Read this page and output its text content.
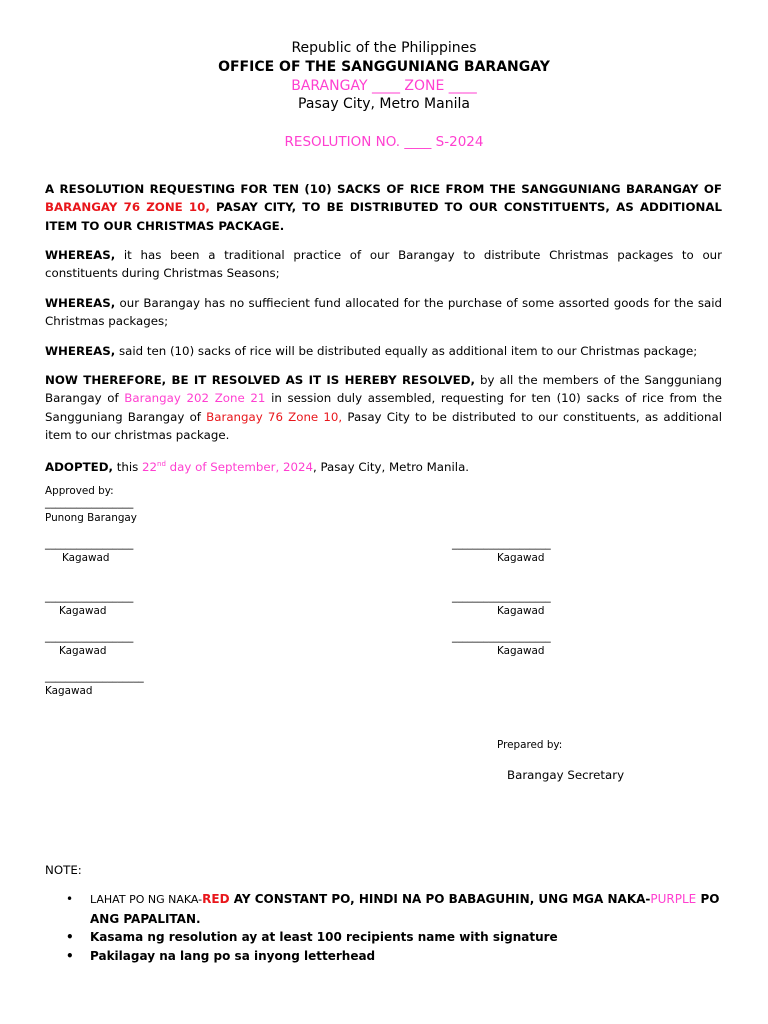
Republic of the Philippines
OFFICE OF THE SANGGUNIANG BARANGAY
BARANGAY ____ ZONE ____
Pasay City, Metro Manila
RESOLUTION NO. ____ S-2024
A RESOLUTION REQUESTING FOR TEN (10) SACKS OF RICE FROM THE SANGGUNIANG BARANGAY OF BARANGAY 76 ZONE 10, PASAY CITY, TO BE DISTRIBUTED TO OUR CONSTITUENTS, AS ADDITIONAL ITEM TO OUR CHRISTMAS PACKAGE.
WHEREAS, it has been a traditional practice of our Barangay to distribute Christmas packages to our constituents during Christmas Seasons;
WHEREAS, our Barangay has no suffiecient fund allocated for the purchase of some assorted goods for the said Christmas packages;
WHEREAS, said ten (10) sacks of rice will be distributed equally as additional item to our Christmas package;
NOW THEREFORE, BE IT RESOLVED AS IT IS HEREBY RESOLVED, by all the members of the Sangguniang Barangay of Barangay 202 Zone 21 in session duly assembled, requesting for ten (10) sacks of rice from the Sangguniang Barangay of Barangay 76 Zone 10, Pasay City to be distributed to our constituents, as additional item to our christmas package.
ADOPTED, this 22nd day of September, 2024, Pasay City, Metro Manila.
Approved by:
_________________
Punong Barangay
_________________
Kagawad
___________________
Kagawad
_________________
Kagawad
___________________
Kagawad
_________________
Kagawad
___________________
Kagawad
___________________
Kagawad
Prepared by:
Barangay Secretary
NOTE:
• LAHAT PO NG NAKA-RED AY CONSTANT PO, HINDI NA PO BABAGUHIN, UNG MGA NAKA-PURPLE PO ANG PAPALITAN.
• Kasama ng resolution ay at least 100 recipients name with signature
• Pakilagay na lang po sa inyong letterhead
